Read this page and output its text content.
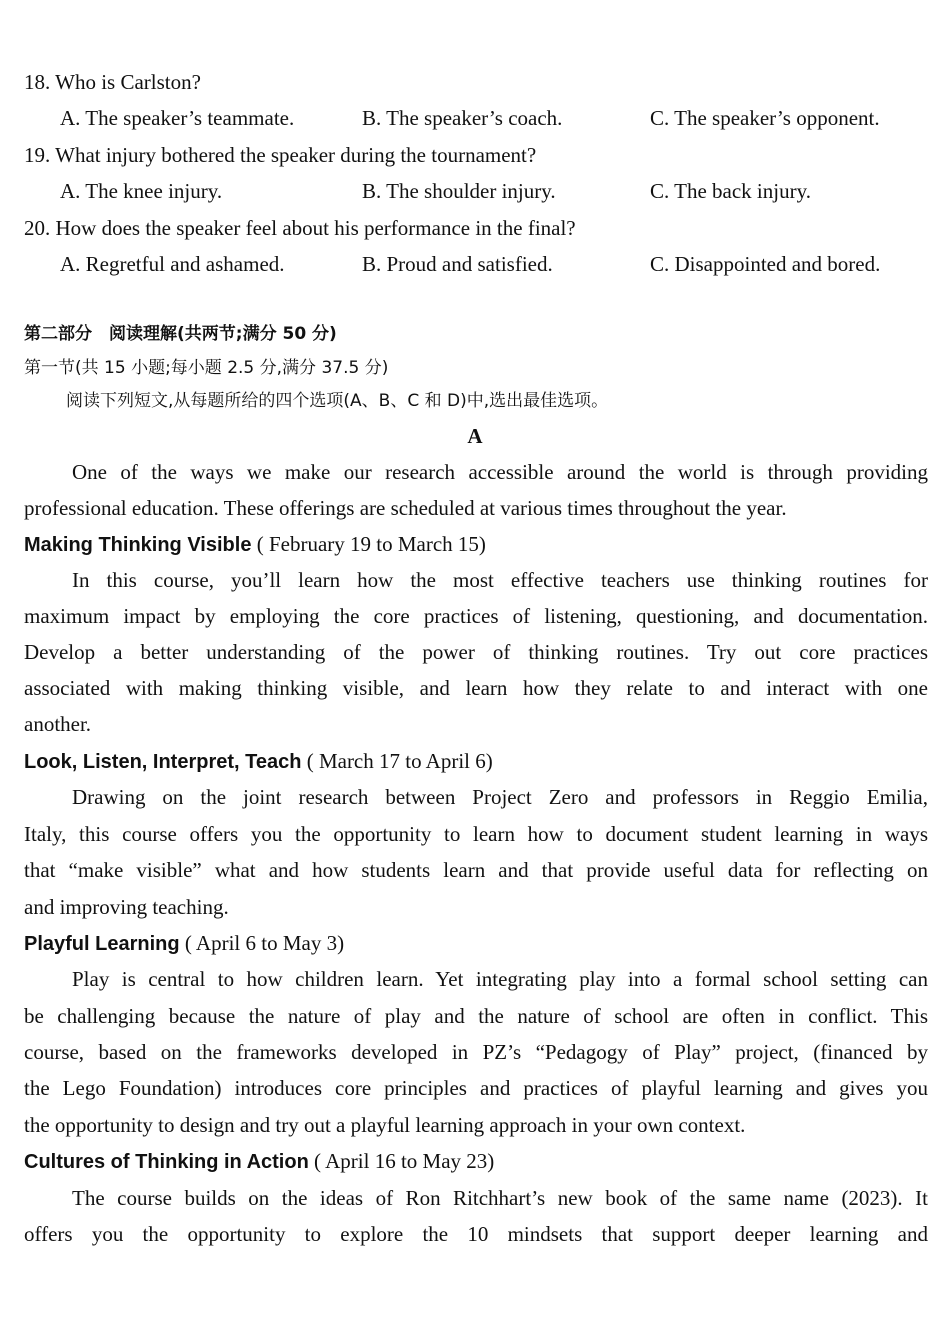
18. Who is Carlston?
A. The speaker’s teammate.	B. The speaker’s coach.	C. The speaker’s opponent.
19. What injury bothered the speaker during the tournament?
A. The knee injury.	B. The shoulder injury.	C. The back injury.
20. How does the speaker feel about his performance in the final?
A. Regretful and ashamed.	B. Proud and satisfied.	C. Disappointed and bored.
第二部分　阅读理解(共两节;满分 50 分)
第一节(共 15 小题;每小题 2.5 分,满分 37.5 分)
阅读下列短文,从每题所给的四个选项(A、B、C 和 D)中,选出最佳选项。
A
One of the ways we make our research accessible around the world is through providing
professional education. These offerings are scheduled at various times throughout the year.
Making Thinking Visible ( February 19 to March 15)
In this course, you’ll learn how the most effective teachers use thinking routines for
maximum impact by employing the core practices of listening, questioning, and documentation.
Develop a better understanding of the power of thinking routines. Try out core practices
associated with making thinking visible, and learn how they relate to and interact with one
another.
Look, Listen, Interpret, Teach ( March 17 to April 6)
Drawing on the joint research between Project Zero and professors in Reggio Emilia,
Italy, this course offers you the opportunity to learn how to document student learning in ways
that “make visible” what and how students learn and that provide useful data for reflecting on
and improving teaching.
Playful Learning ( April 6 to May 3)
Play is central to how children learn. Yet integrating play into a formal school setting can
be challenging because the nature of play and the nature of school are often in conflict. This
course, based on the frameworks developed in PZ’s “Pedagogy of Play” project, (financed by
the Lego Foundation) introduces core principles and practices of playful learning and gives you
the opportunity to design and try out a playful learning approach in your own context.
Cultures of Thinking in Action ( April 16 to May 23)
The course builds on the ideas of Ron Ritchhart’s new book of the same name (2023). It
offers you the opportunity to explore the 10 mindsets that support deeper learning and
